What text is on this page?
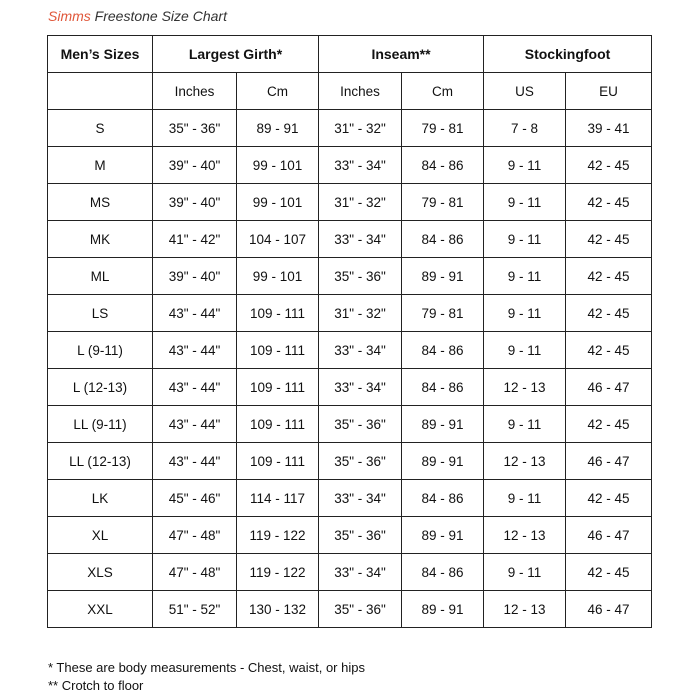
Simms Freestone Size Chart
Men’s Sizes	Largest Girth*		Inseam**		Stockingfoot	
	Inches	Cm	Inches	Cm	US	EU
S	35" - 36"	89 - 91	31" - 32"	79 - 81	7 - 8	39 - 41
M	39" - 40"	99 - 101	33" - 34"	84 - 86	9 - 11	42 - 45
MS	39" - 40"	99 - 101	31" - 32"	79 - 81	9 - 11	42 - 45
MK	41" - 42"	104 - 107	33" - 34"	84 - 86	9 - 11	42 - 45
ML	39" - 40"	99 - 101	35" - 36"	89 - 91	9 - 11	42 - 45
LS	43" - 44"	109 - 111	31" - 32"	79 - 81	9 - 11	42 - 45
L (9-11)	43" - 44"	109 - 111	33" - 34"	84 - 86	9 - 11	42 - 45
L (12-13)	43" - 44"	109 - 111	33" - 34"	84 - 86	12 - 13	46 - 47
LL (9-11)	43" - 44"	109 - 111	35" - 36"	89 - 91	9 - 11	42 - 45
LL (12-13)	43" - 44"	109 - 111	35" - 36"	89 - 91	12 - 13	46 - 47
LK	45" - 46"	114 - 117	33" - 34"	84 - 86	9 - 11	42 - 45
XL	47" - 48"	119 - 122	35" - 36"	89 - 91	12 - 13	46 - 47
XLS	47" - 48"	119 - 122	33" - 34"	84 - 86	9 - 11	42 - 45
XXL	51" - 52"	130 - 132	35" - 36"	89 - 91	12 - 13	46 - 47
* These are body measurements - Chest, waist, or hips
** Crotch to floor
